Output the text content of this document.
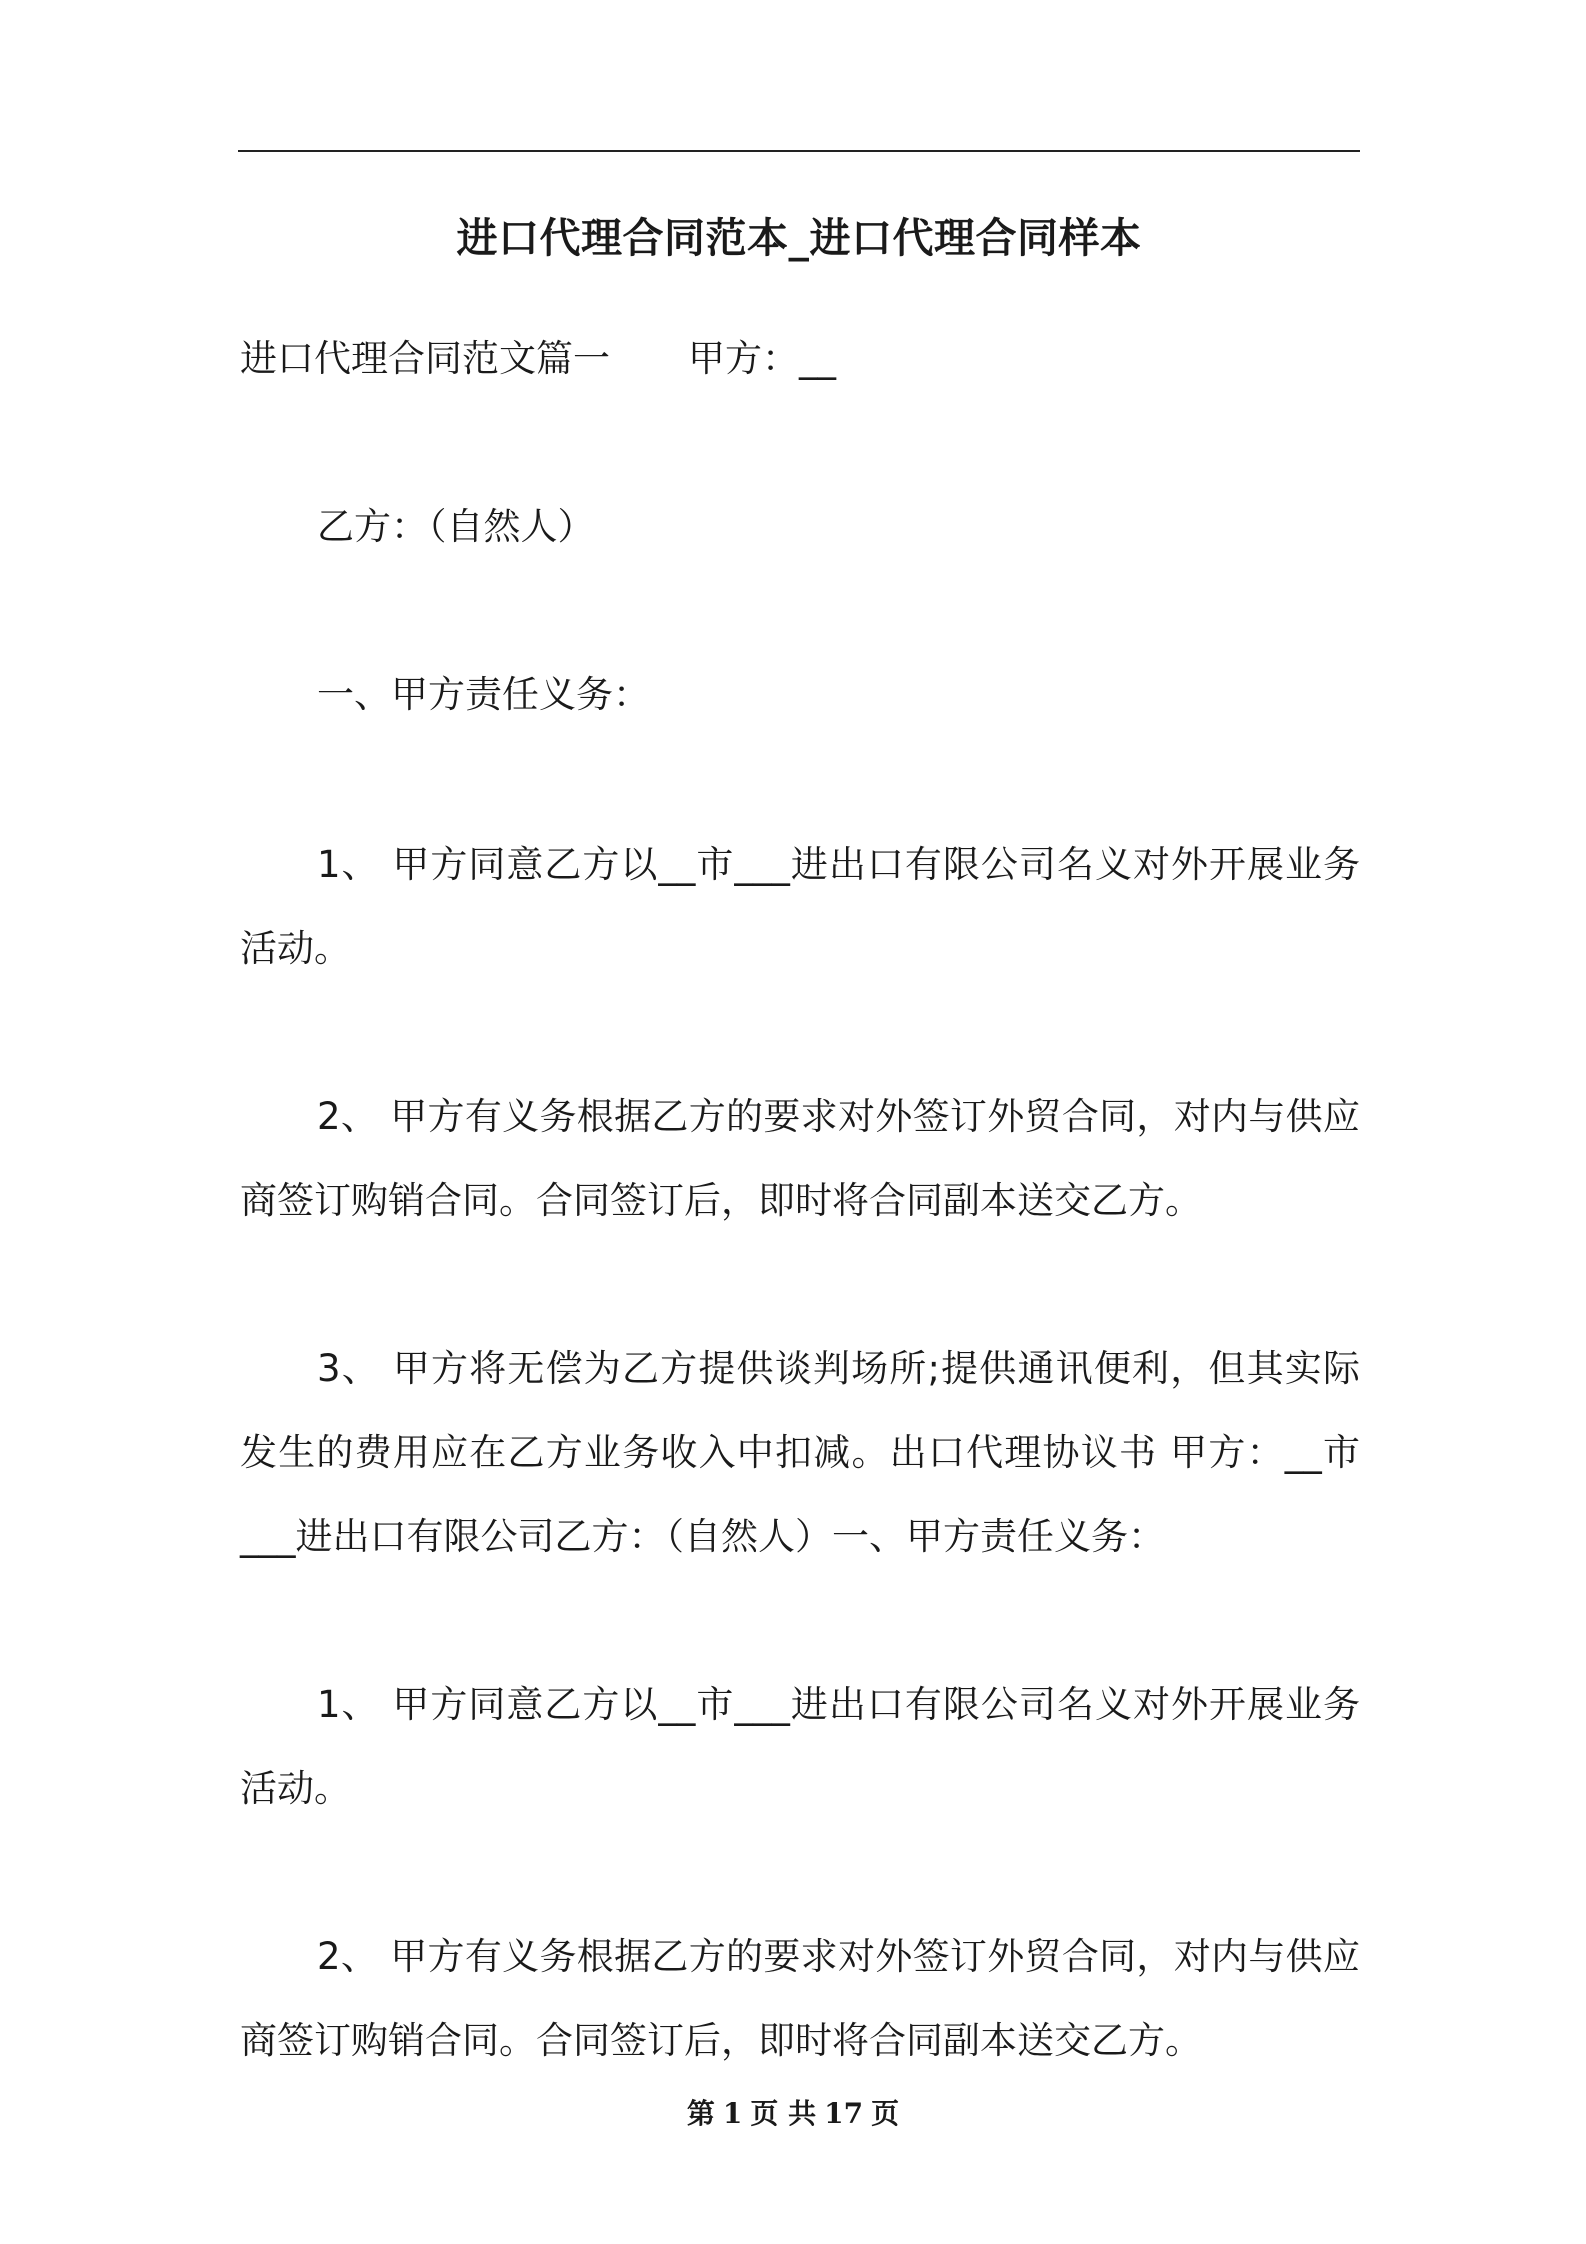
进口代理合同范本_进口代理合同样本
进口代理合同范文篇一 甲方：__
乙方：（自然人）
一、甲方责任义务：
1、 甲方同意乙方以__市___进出口有限公司名义对外开展业务
活动。
2、 甲方有义务根据乙方的要求对外签订外贸合同，对内与供应
商签订购销合同。合同签订后，即时将合同副本送交乙方。
3、 甲方将无偿为乙方提供谈判场所;提供通讯便利，但其实际
发生的费用应在乙方业务收入中扣减。出口代理协议书 甲方：__市
___进出口有限公司乙方：（自然人）一、甲方责任义务：
1、 甲方同意乙方以__市___进出口有限公司名义对外开展业务
活动。
2、 甲方有义务根据乙方的要求对外签订外贸合同，对内与供应
商签订购销合同。合同签订后，即时将合同副本送交乙方。
第 1 页 共 17 页
